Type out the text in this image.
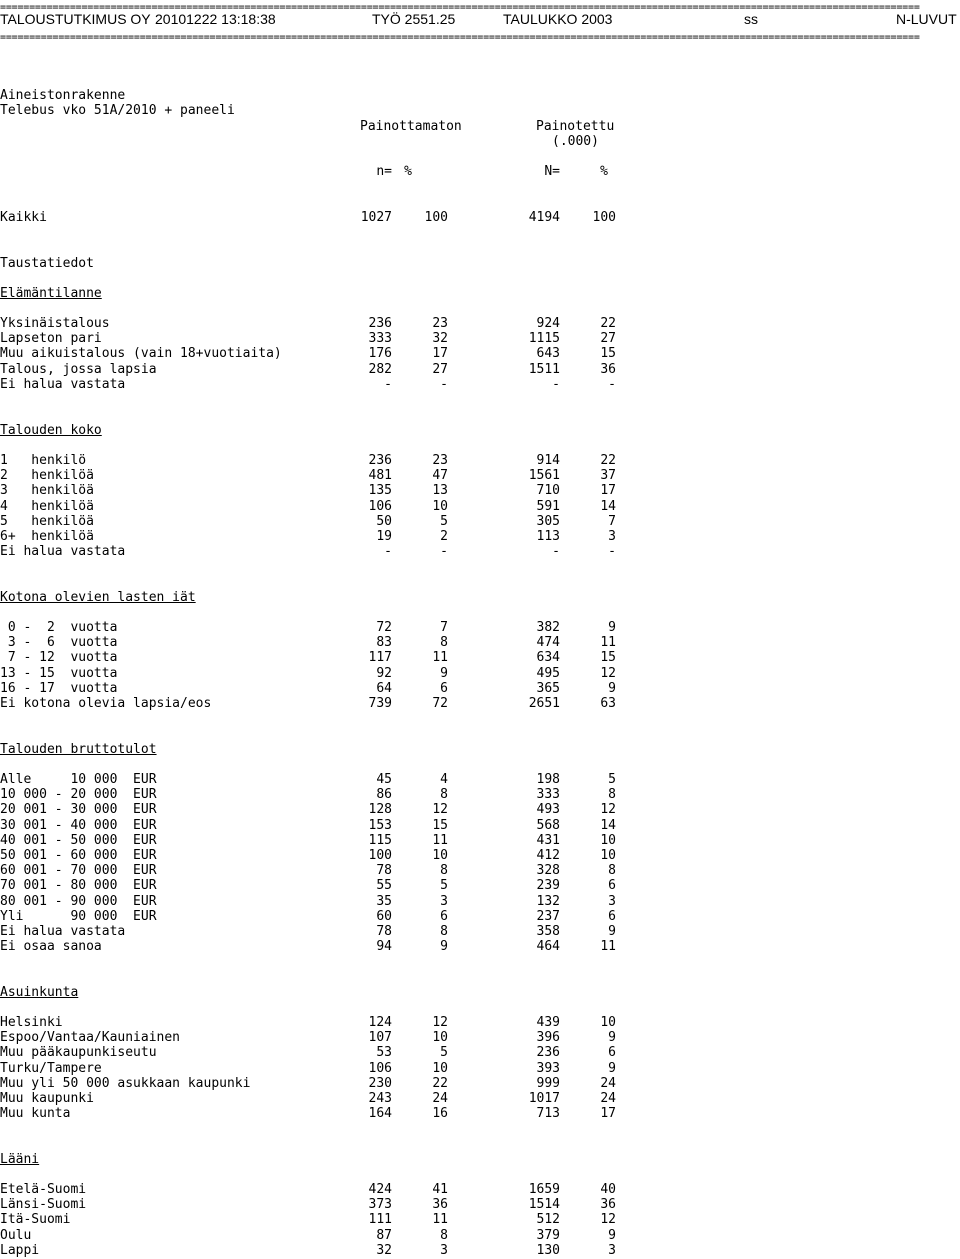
==============================================================================================================================================================
TALOUSTUTKIMUS OY 20101222 13:18:38	TYÖ 2551.25	TAULUKKO 2003	ss	N-LUVUT
==============================================================================================================================================================
Aineistonrakenne
Telebus vko 51A/2010 + paneeli
Painottamaton	Painotettu
(.000)
n= %	N=	%
Kaikki	1027	100	4194	100
Taustatiedot
Elämäntilanne
Yksinäistalous	236	23	924	22
Lapseton pari	333	32	1115	27
Muu aikuistalous (vain 18+vuotiaita)	176	17	643	15
Talous, jossa lapsia	282	27	1511	36
Ei halua vastata	-	-	-	-
Talouden koko
1   henkilö	236	23	914	22
2   henkilöä	481	47	1561	37
3   henkilöä	135	13	710	17
4   henkilöä	106	10	591	14
5   henkilöä	50	5	305	7
6+  henkilöä	19	2	113	3
Ei halua vastata	-	-	-	-
Kotona olevien lasten iät
0 -  2  vuotta	72	7	382	9
3 -  6  vuotta	83	8	474	11
7 - 12  vuotta	117	11	634	15
13 - 15  vuotta	92	9	495	12
16 - 17  vuotta	64	6	365	9
Ei kotona olevia lapsia/eos	739	72	2651	63
Talouden bruttotulot
Alle     10 000  EUR	45	4	198	5
10 000 - 20 000  EUR	86	8	333	8
20 001 - 30 000  EUR	128	12	493	12
30 001 - 40 000  EUR	153	15	568	14
40 001 - 50 000  EUR	115	11	431	10
50 001 - 60 000  EUR	100	10	412	10
60 001 - 70 000  EUR	78	8	328	8
70 001 - 80 000  EUR	55	5	239	6
80 001 - 90 000  EUR	35	3	132	3
Yli      90 000  EUR	60	6	237	6
Ei halua vastata	78	8	358	9
Ei osaa sanoa	94	9	464	11
Asuinkunta
Helsinki	124	12	439	10
Espoo/Vantaa/Kauniainen	107	10	396	9
Muu pääkaupunkiseutu	53	5	236	6
Turku/Tampere	106	10	393	9
Muu yli 50 000 asukkaan kaupunki	230	22	999	24
Muu kaupunki	243	24	1017	24
Muu kunta	164	16	713	17
Lääni
Etelä-Suomi	424	41	1659	40
Länsi-Suomi	373	36	1514	36
Itä-Suomi	111	11	512	12
Oulu	87	8	379	9
Lappi	32	3	130	3
